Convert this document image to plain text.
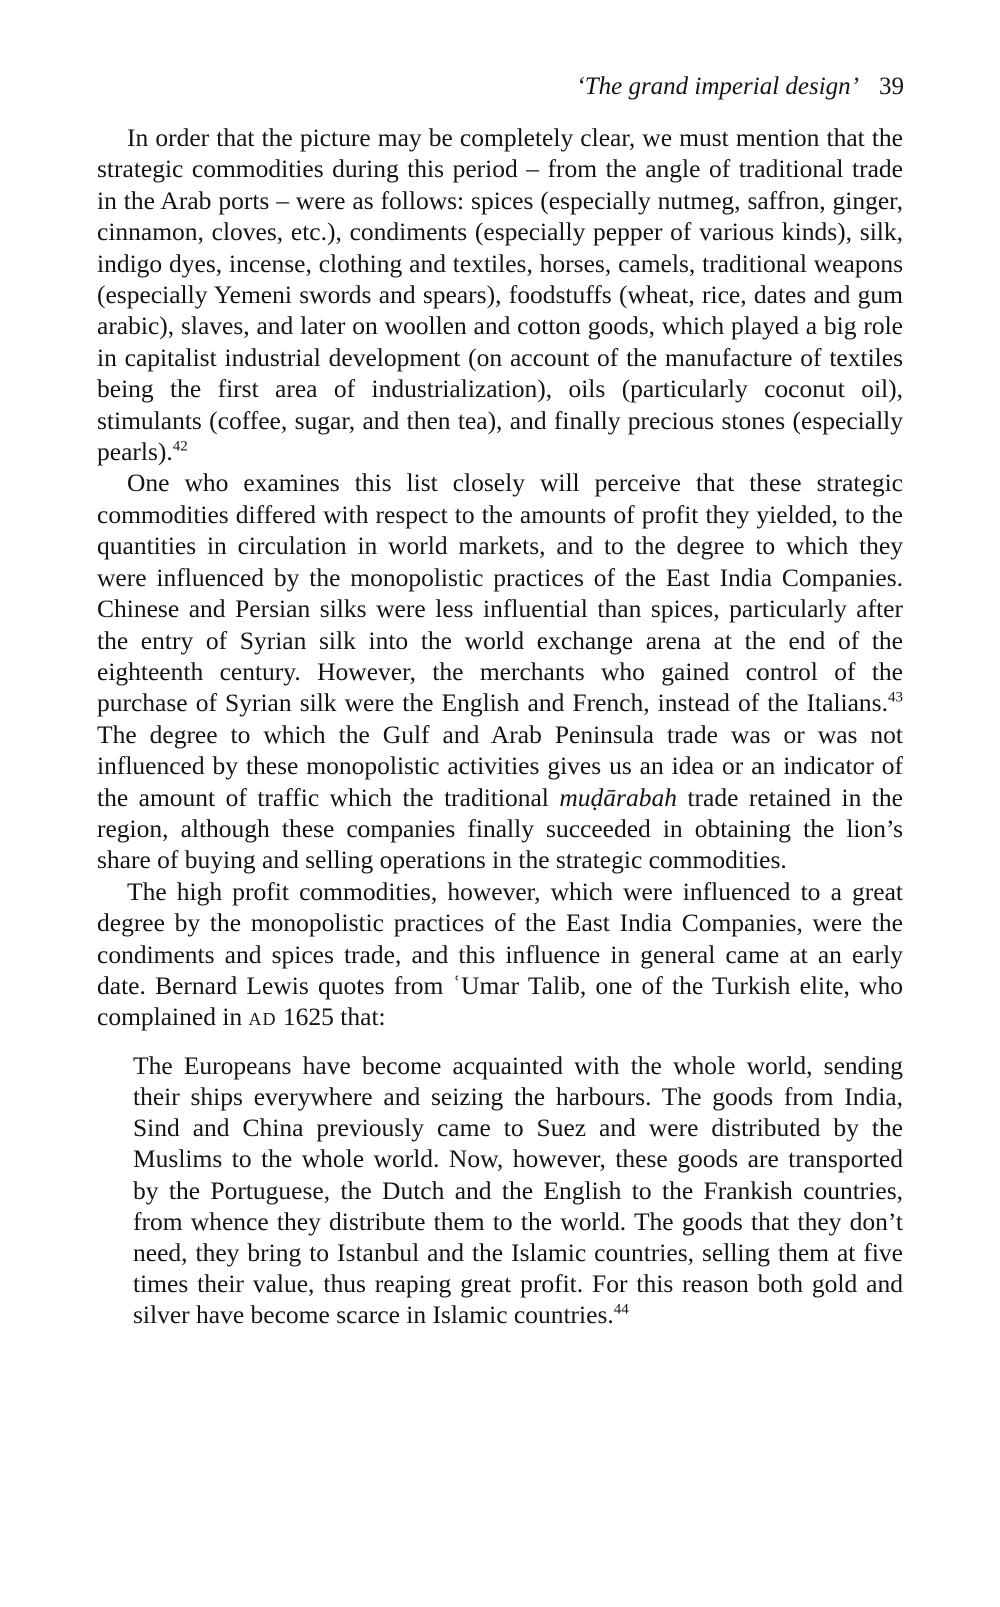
‘The grand imperial design’ 39

In order that the picture may be completely clear, we must mention that the strategic commodities during this period – from the angle of traditional trade in the Arab ports – were as follows: spices (especially nutmeg, saffron, ginger, cinnamon, cloves, etc.), condiments (especially pepper of various kinds), silk, indigo dyes, incense, clothing and textiles, horses, camels, traditional weapons (especially Yemeni swords and spears), foodstuffs (wheat, rice, dates and gum arabic), slaves, and later on woollen and cotton goods, which played a big role in capitalist industrial development (on account of the manufacture of textiles being the first area of industrialization), oils (particularly coconut oil), stimulants (coffee, sugar, and then tea), and finally precious stones (especially pearls).$^{42}$

One who examines this list closely will perceive that these strategic commodities differed with respect to the amounts of profit they yielded, to the quantities in circulation in world markets, and to the degree to which they were influenced by the monopolistic practices of the East India Companies. Chinese and Persian silks were less influential than spices, particularly after the entry of Syrian silk into the world exchange arena at the end of the eighteenth century. However, the merchants who gained control of the purchase of Syrian silk were the English and French, instead of the Italians.$^{43}$ The degree to which the Gulf and Arab Peninsula trade was or was not influenced by these monopolistic activities gives us an idea or an indicator of the amount of traffic which the traditional muḍārabah trade retained in the region, although these companies finally succeeded in obtaining the lion’s share of buying and selling operations in the strategic commodities.

The high profit commodities, however, which were influenced to a great degree by the monopolistic practices of the East India Companies, were the condiments and spices trade, and this influence in general came at an early date. Bernard Lewis quotes from ʿUmar Talib, one of the Turkish elite, who complained in AD 1625 that:

The Europeans have become acquainted with the whole world, sending their ships everywhere and seizing the harbours. The goods from India, Sind and China previously came to Suez and were distributed by the Muslims to the whole world. Now, however, these goods are transported by the Portuguese, the Dutch and the English to the Frankish countries, from whence they distribute them to the world. The goods that they don’t need, they bring to Istanbul and the Islamic countries, selling them at five times their value, thus reaping great profit. For this reason both gold and silver have become scarce in Islamic countries.$^{44}$
